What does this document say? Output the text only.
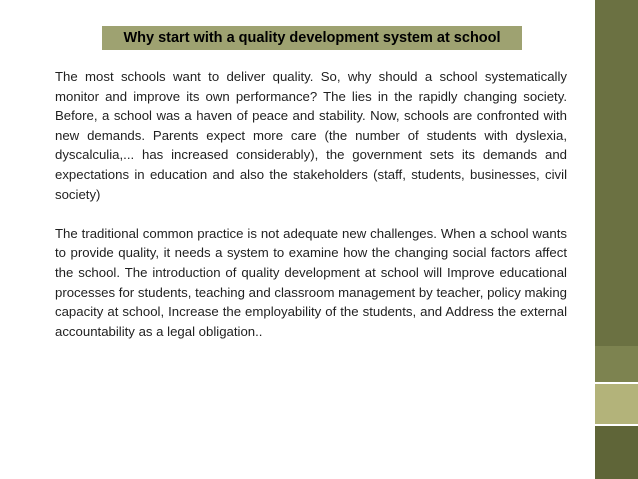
Why start with a quality development system at school

The most schools want to deliver quality. So, why should a school systematically monitor and improve its own performance? The lies in the rapidly changing society. Before, a school was a haven of peace and stability. Now, schools are confronted with new demands. Parents expect more care (the number of students with dyslexia, dyscalculia,... has increased considerably), the government sets its demands and expectations in education and also the stakeholders (staff, students, businesses, civil society)

The traditional common practice is not adequate new challenges. When a school wants to provide quality, it needs a system to examine how the changing social factors affect the school. The introduction of quality development at school will Improve educational processes for students, teaching and classroom management by teacher, policy making capacity at school, Increase the employability of the students, and Address the external accountability as a legal obligation..
